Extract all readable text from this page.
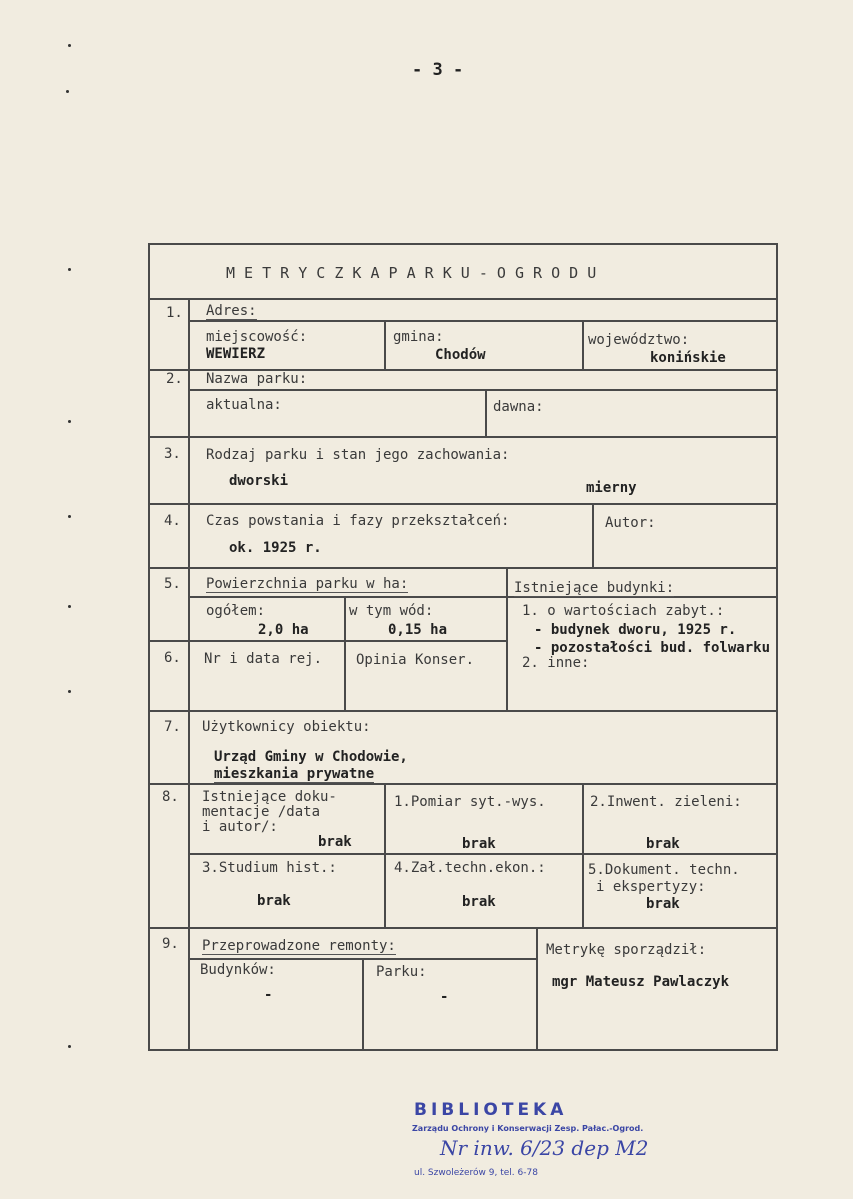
- 3 -
M E T R Y C Z K A P A R K U - O G R O D U
1. Adres:
miejscowość:
WEWIERZ
gmina:
Chodów
województwo:
konińskie
2. Nazwa parku:
aktualna:	dawna:
3. Rodzaj parku i stan jego zachowania:
dworski	mierny
4. Czas powstania i fazy przekształceń:
ok. 1925 r.
Autor:
5. Powierzchnia parku w ha:
ogółem:
2,0 ha
w tym wód:
0,15 ha
Istniejące budynki:
1. o wartościach zabyt.:
- budynek dworu, 1925 r.
- pozostałości bud. folwarku
2. inne:
6. Nr i data rej. Opinia Konser.
7. Użytkownicy obiektu:
Urząd Gminy w Chodowie,
mieszkania prywatne
8. Istniejące doku-
mentacje /data
i autor/:
brak
1.Pomiar syt.-wys.
brak
2.Inwent. zieleni:
brak
3.Studium hist.:
brak
4.Zał.techn.ekon.:
brak
5.Dokument. techn.
i ekspertyzy:
brak
9. Przeprowadzone remonty:
Budynków:
-
Parku:
-
Metrykę sporządził:
mgr Mateusz Pawlaczyk
BIBLIOTEKA
Zarządu Ochrony i Konserwacji Zesp. Pałac.-Ogrod.
Nr inw. 6/23 dep M2
ul. Szwoleżerów 9, tel. 6-78
